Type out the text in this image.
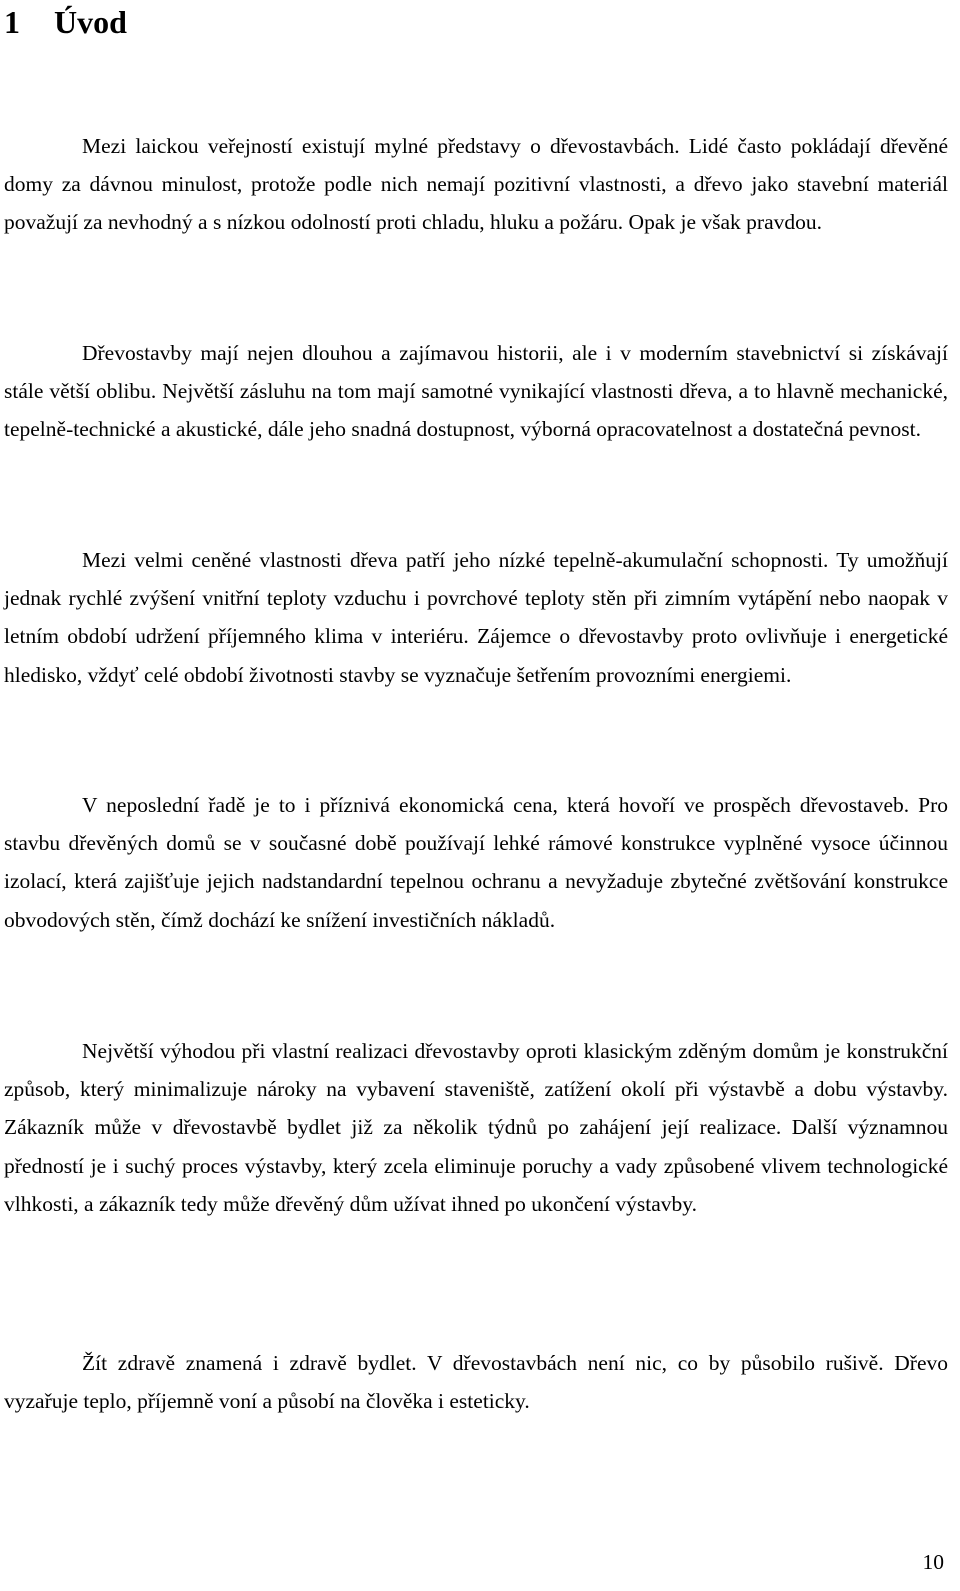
1 Úvod

Mezi laickou veřejností existují mylné představy o dřevostavbách. Lidé často pokládají dřevěné domy za dávnou minulost, protože podle nich nemají pozitivní vlastnosti, a dřevo jako stavební materiál považují za nevhodný a s nízkou odolností proti chladu, hluku a požáru. Opak je však pravdou.

Dřevostavby mají nejen dlouhou a zajímavou historii, ale i v moderním stavebnictví si získávají stále větší oblibu. Největší zásluhu na tom mají samotné vynikající vlastnosti dřeva, a to hlavně mechanické, tepelně-technické a akustické, dále jeho snadná dostupnost, výborná opracovatelnost a dostatečná pevnost.

Mezi velmi ceněné vlastnosti dřeva patří jeho nízké tepelně-akumulační schopnosti. Ty umožňují jednak rychlé zvýšení vnitřní teploty vzduchu i povrchové teploty stěn při zimním vytápění nebo naopak v letním období udržení příjemného klima v interiéru. Zájemce o dřevostavby proto ovlivňuje i energetické hledisko, vždyť celé období životnosti stavby se vyznačuje šetřením provozními energiemi.

V neposlední řadě je to i příznivá ekonomická cena, která hovoří ve prospěch dřevostaveb. Pro stavbu dřevěných domů se v současné době používají lehké rámové konstrukce vyplněné vysoce účinnou izolací, která zajišťuje jejich nadstandardní tepelnou ochranu a nevyžaduje zbytečné zvětšování konstrukce obvodových stěn, čímž dochází ke snížení investičních nákladů.

Největší výhodou při vlastní realizaci dřevostavby oproti klasickým zděným domům je konstrukční způsob, který minimalizuje nároky na vybavení staveniště, zatížení okolí při výstavbě a dobu výstavby. Zákazník může v dřevostavbě bydlet již za několik týdnů po zahájení její realizace. Další významnou předností je i suchý proces výstavby, který zcela eliminuje poruchy a vady způsobené vlivem technologické vlhkosti, a zákazník tedy může dřevěný dům užívat ihned po ukončení výstavby.

Žít zdravě znamená i zdravě bydlet. V dřevostavbách není nic, co by působilo rušivě. Dřevo vyzařuje teplo, příjemně voní a působí na člověka i esteticky.

10
